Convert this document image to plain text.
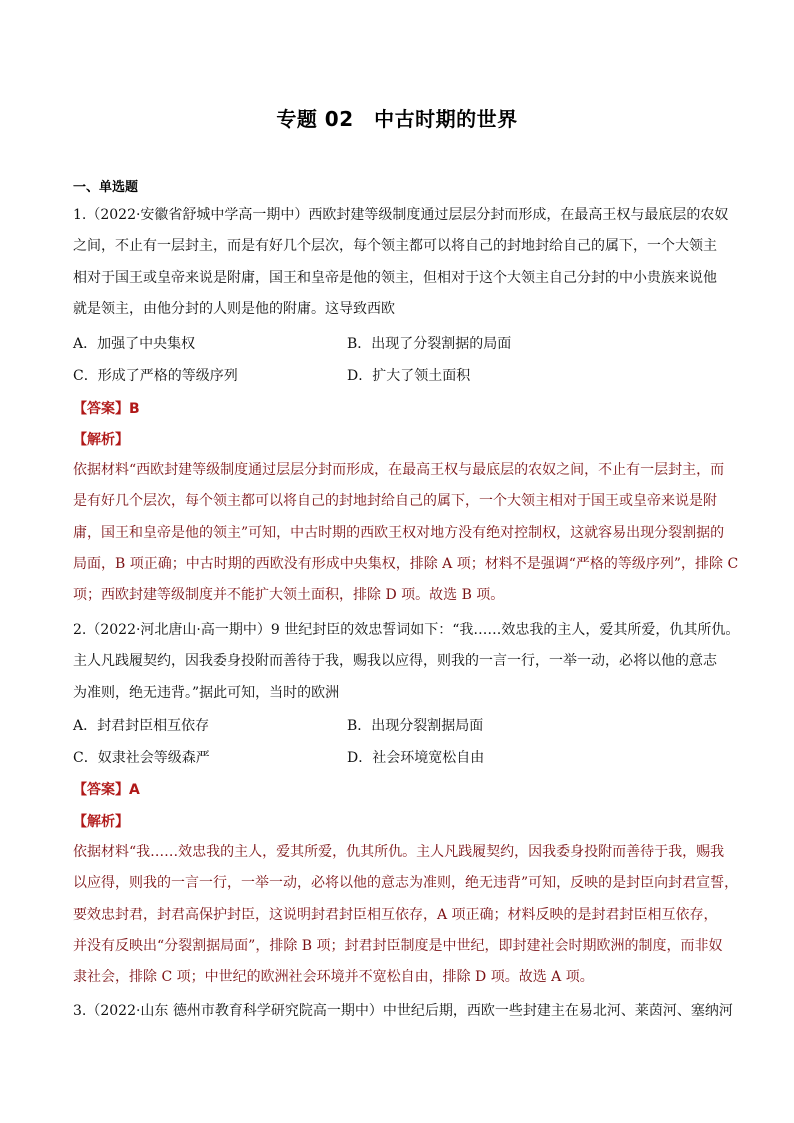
专题 02　中古时期的世界
一、单选题
1.（2022·安徽省舒城中学高一期中）西欧封建等级制度通过层层分封而形成，在最高王权与最底层的农奴
之间，不止有一层封主，而是有好几个层次，每个领主都可以将自己的封地封给自己的属下，一个大领主
相对于国王或皇帝来说是附庸，国王和皇帝是他的领主，但相对于这个大领主自己分封的中小贵族来说他
就是领主，由他分封的人则是他的附庸。这导致西欧
A．加强了中央集权	B．出现了分裂割据的局面
C．形成了严格的等级序列	D．扩大了领土面积
【答案】B
【解析】
依据材料“西欧封建等级制度通过层层分封而形成，在最高王权与最底层的农奴之间，不止有一层封主，而
是有好几个层次，每个领主都可以将自己的封地封给自己的属下，一个大领主相对于国王或皇帝来说是附
庸，国王和皇帝是他的领主”可知，中古时期的西欧王权对地方没有绝对控制权，这就容易出现分裂割据的
局面，B 项正确；中古时期的西欧没有形成中央集权，排除 A 项；材料不是强调“严格的等级序列”，排除 C
项；西欧封建等级制度并不能扩大领土面积，排除 D 项。故选 B 项。
2.（2022·河北唐山·高一期中）9 世纪封臣的效忠誓词如下：“我……效忠我的主人，爱其所爱，仇其所仇。
主人凡践履契约，因我委身投附而善待于我，赐我以应得，则我的一言一行，一举一动，必将以他的意志
为准则，绝无违背。”据此可知，当时的欧洲
A．封君封臣相互依存	B．出现分裂割据局面
C．奴隶社会等级森严	D．社会环境宽松自由
【答案】A
【解析】
依据材料“我……效忠我的主人，爱其所爱，仇其所仇。主人凡践履契约，因我委身投附而善待于我，赐我
以应得，则我的一言一行，一举一动，必将以他的意志为准则，绝无违背”可知，反映的是封臣向封君宣誓，
要效忠封君，封君高保护封臣，这说明封君封臣相互依存，A 项正确；材料反映的是封君封臣相互依存，
并没有反映出“分裂割据局面”，排除 B 项；封君封臣制度是中世纪，即封建社会时期欧洲的制度，而非奴
隶社会，排除 C 项；中世纪的欧洲社会环境并不宽松自由，排除 D 项。故选 A 项。
3.（2022·山东 德州市教育科学研究院高一期中）中世纪后期，西欧一些封建主在易北河、莱茵河、塞纳河
